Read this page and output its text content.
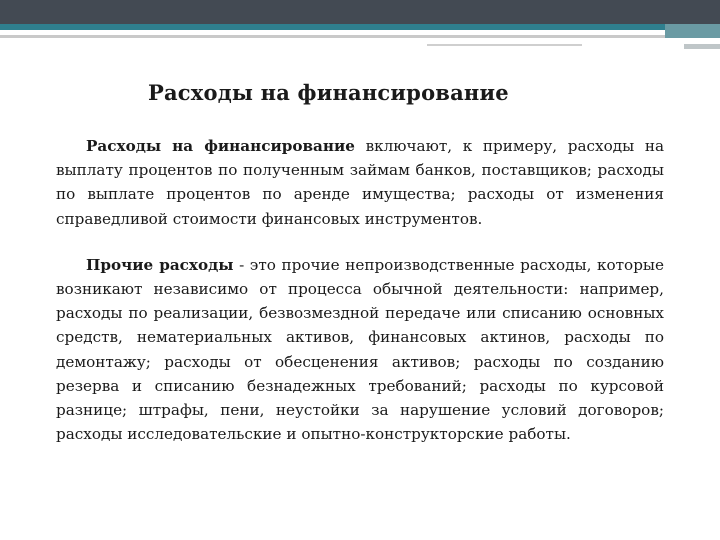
Расходы на финансирование

Расходы на финансирование включают, к примеру, расходы на выплату процентов по полученным займам банков, поставщиков; расходы по выплате процентов по аренде имущества; расходы от изменения справедливой стоимости финансовых инструментов.

Прочие расходы - это прочие непроизводственные расходы, которые возникают независимо от процесса обычной деятельности: например, расходы по реализации, безвозмездной передаче или списанию основных средств, нематериальных активов, финансовых актинов, расходы по демонтажу; расходы от обесценения активов; расходы по созданию резерва и списанию безнадежных требований; расходы по курсовой разнице; штрафы, пени, неустойки за нарушение условий договоров; расходы исследовательские и опытно-конструкторские работы.
